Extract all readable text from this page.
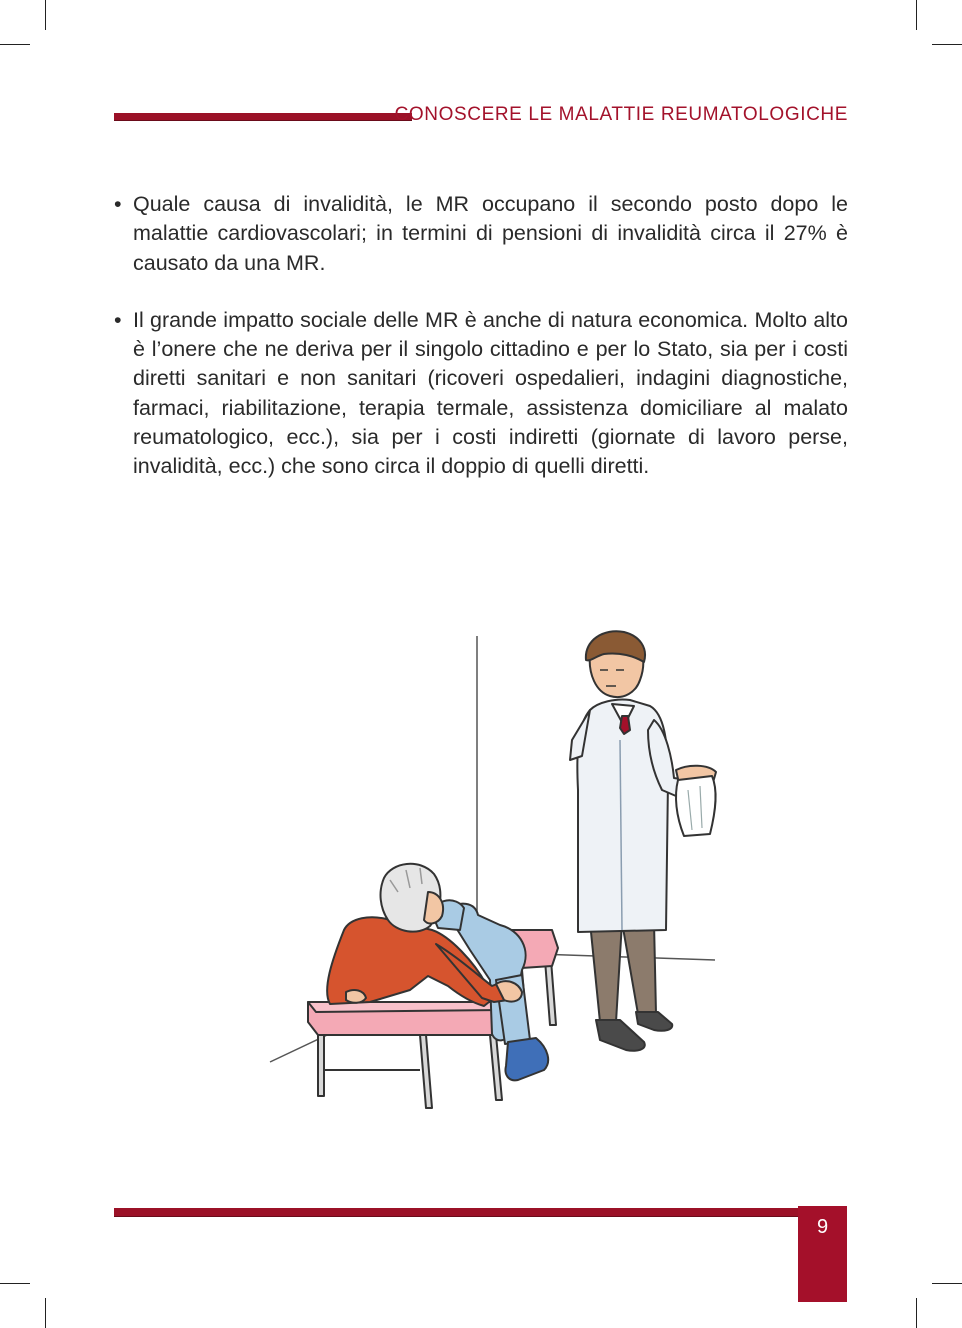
CONOSCERE LE MALATTIE REUMATOLOGICHE

• Quale causa di invalidità, le MR occupano il secondo posto dopo le malattie cardiovascolari; in termini di pensioni di invalidità circa il 27% è causato da una MR.

• Il grande impatto sociale delle MR è anche di natura economica. Molto alto è l’onere che ne deriva per il singolo cittadino e per lo Stato, sia per i costi diretti sanitari e non sanitari (ricoveri ospedalieri, indagini diagnostiche, farmaci, riabilitazione, terapia termale, assistenza domiciliare al malato reumatologico, ecc.), sia per i costi indiretti (giornate di lavoro perse, invalidità, ecc.) che sono circa il doppio di quelli diretti.

9
